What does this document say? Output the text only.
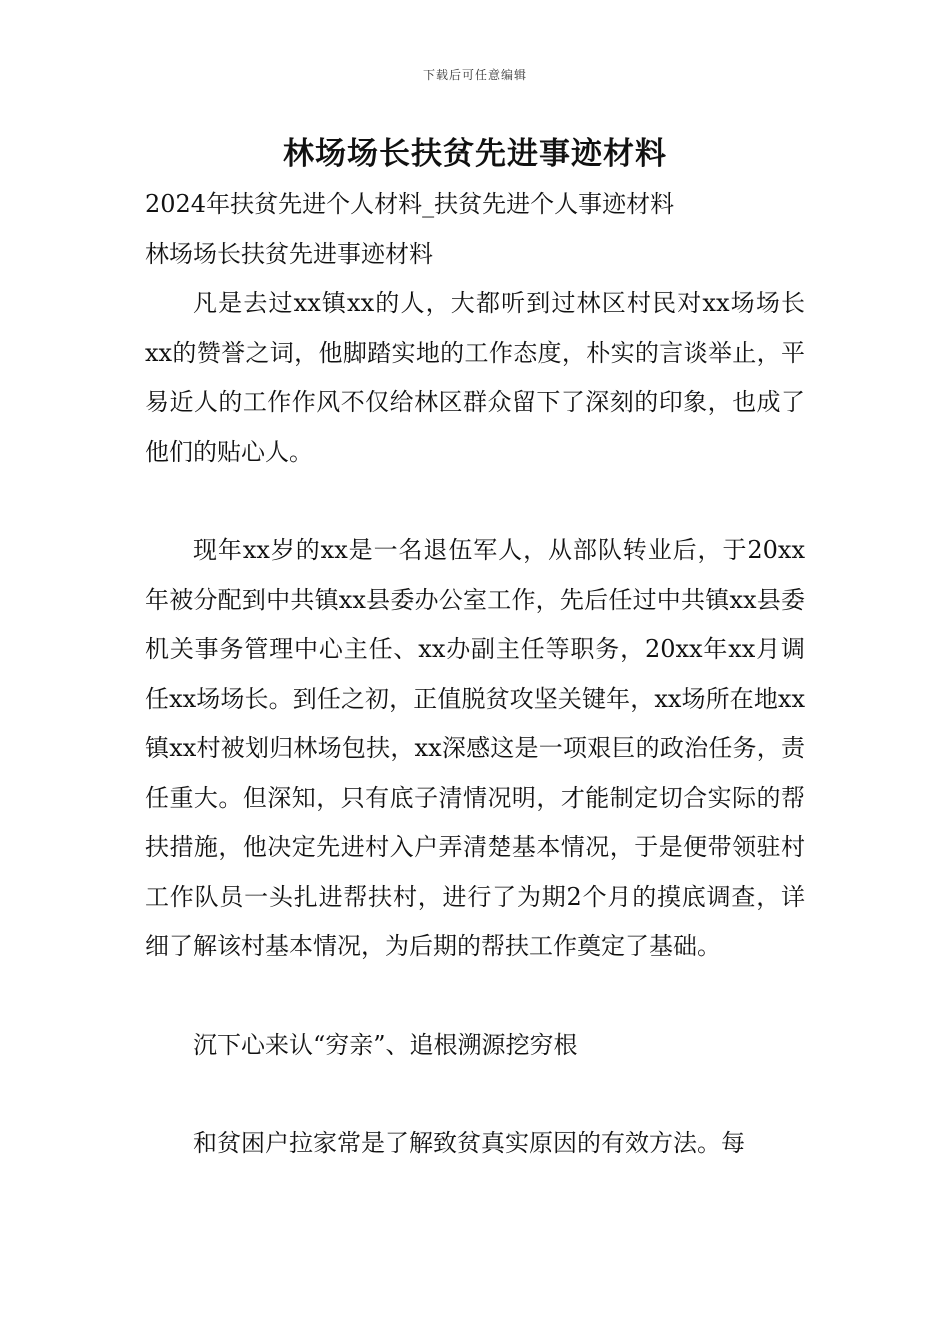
下载后可任意编辑
林场场长扶贫先进事迹材料

2024年扶贫先进个人材料_扶贫先进个人事迹材料

林场场长扶贫先进事迹材料

凡是去过xx镇xx的人，大都听到过林区村民对xx场场长xx的赞誉之词，他脚踏实地的工作态度，朴实的言谈举止，平易近人的工作作风不仅给林区群众留下了深刻的印象，也成了他们的贴心人。

现年xx岁的xx是一名退伍军人，从部队转业后，于20xx年被分配到中共镇xx县委办公室工作，先后任过中共镇xx县委机关事务管理中心主任、xx办副主任等职务，20xx年xx月调任xx场场长。到任之初，正值脱贫攻坚关键年，xx场所在地xx镇xx村被划归林场包扶，xx深感这是一项艰巨的政治任务，责任重大。但深知，只有底子清情况明，才能制定切合实际的帮扶措施，他决定先进村入户弄清楚基本情况，于是便带领驻村工作队员一头扎进帮扶村，进行了为期2个月的摸底调查，详细了解该村基本情况，为后期的帮扶工作奠定了基础。

沉下心来认“穷亲”、追根溯源挖穷根

和贫困户拉家常是了解致贫真实原因的有效方法。每
